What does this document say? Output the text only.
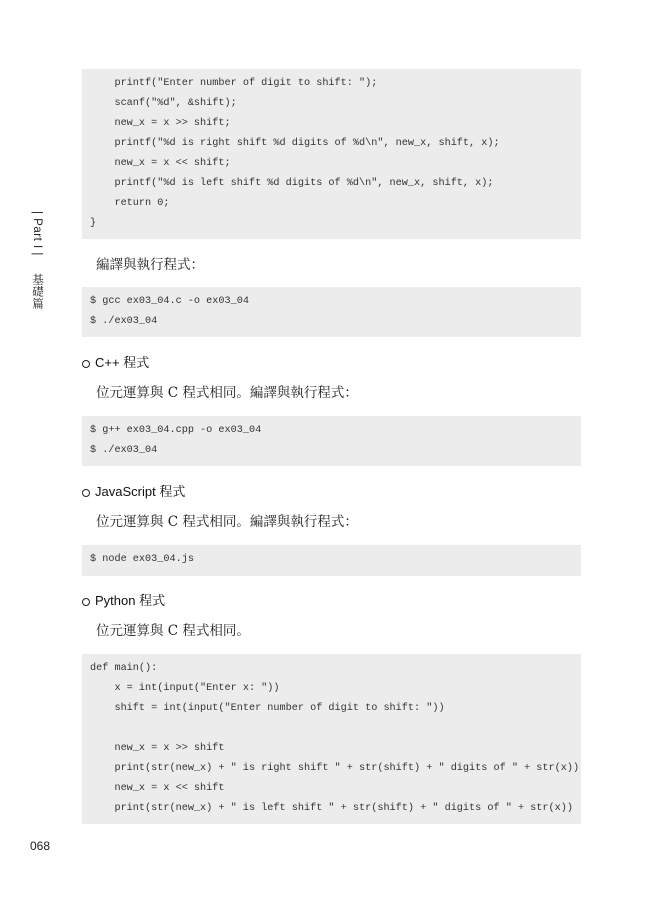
| Part I |  基礎篇
printf("Enter number of digit to shift: ");
scanf("%d", &shift);
new_x = x >> shift;
printf("%d is right shift %d digits of %d\n", new_x, shift, x);
new_x = x << shift;
printf("%d is left shift %d digits of %d\n", new_x, shift, x);
return 0;
}
編譯與執行程式：
$ gcc ex03_04.c -o ex03_04
$ ./ex03_04
C++ 程式
位元運算與 C 程式相同。編譯與執行程式：
$ g++ ex03_04.cpp -o ex03_04
$ ./ex03_04
JavaScript 程式
位元運算與 C 程式相同。編譯與執行程式：
$ node ex03_04.js
Python 程式
位元運算與 C 程式相同。
def main():
x = int(input("Enter x: "))
shift = int(input("Enter number of digit to shift: "))
new_x = x >> shift
print(str(new_x) + " is right shift " + str(shift) + " digits of " + str(x))
new_x = x << shift
print(str(new_x) + " is left shift " + str(shift) + " digits of " + str(x))
068
